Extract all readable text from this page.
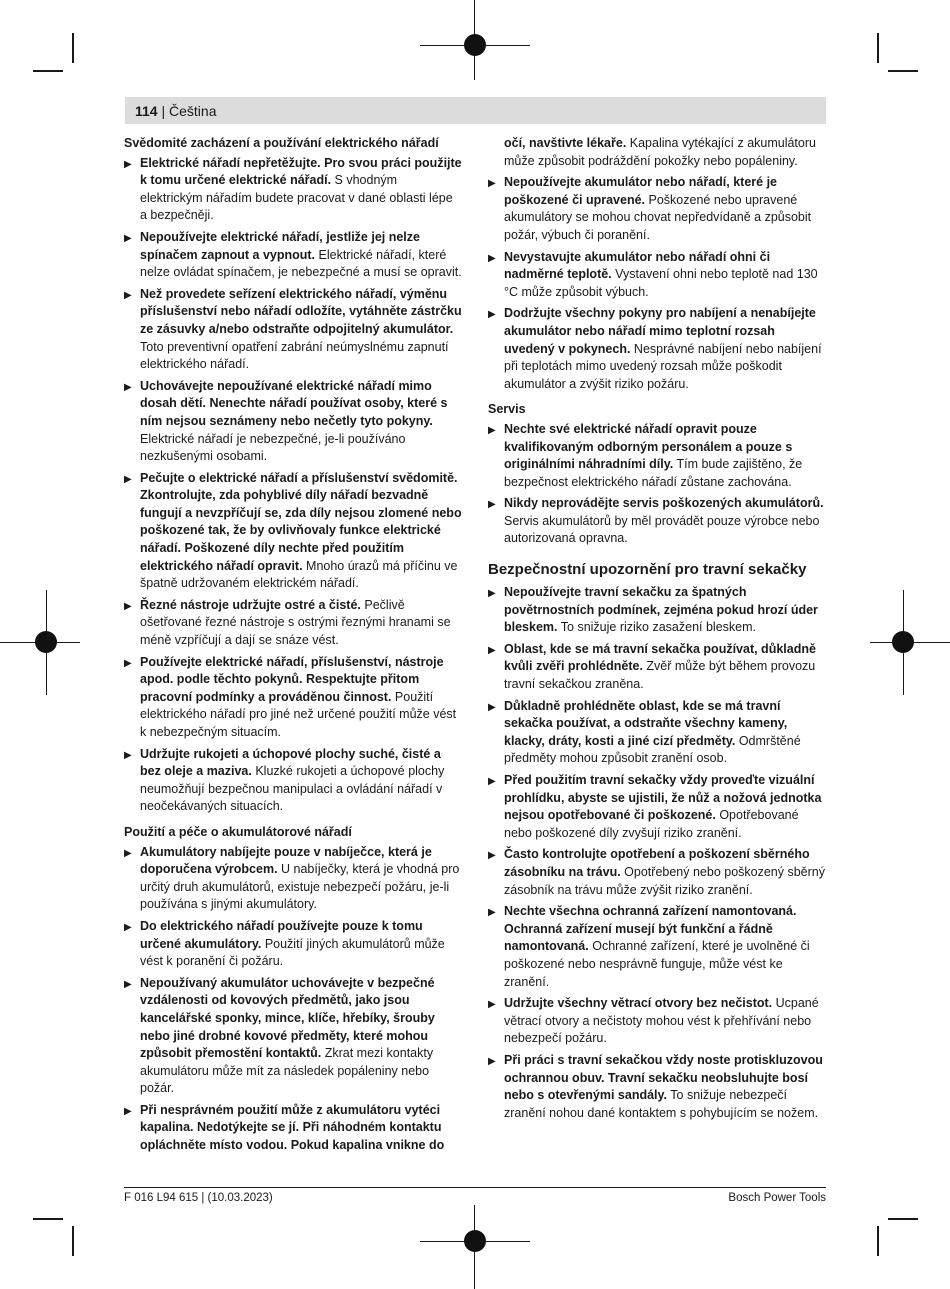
114 | Čeština
Svědomité zacházení a používání elektrického nářadí
▶ Elektrické nářadí nepřetěžujte. Pro svou práci použijte k tomu určené elektrické nářadí. S vhodným elektrickým nářadím budete pracovat v dané oblasti lépe a bezpečněji.
▶ Nepoužívejte elektrické nářadí, jestliže jej nelze spínačem zapnout a vypnout. Elektrické nářadí, které nelze ovládat spínačem, je nebezpečné a musí se opravit.
▶ Než provedete seřízení elektrického nářadí, výměnu příslušenství nebo nářadí odložíte, vytáhněte zástrčku ze zásuvky a/nebo odstraňte odpojitelný akumulátor. Toto preventivní opatření zabrání neúmyslnému zapnutí elektrického nářadí.
▶ Uchovávejte nepoužívané elektrické nářadí mimo dosah dětí. Nenechte nářadí používat osoby, které s ním nejsou seznámeny nebo nečetly tyto pokyny. Elektrické nářadí je nebezpečné, je-li používáno nezkušenými osobami.
▶ Pečujte o elektrické nářadí a příslušenství svědomitě. Zkontrolujte, zda pohyblivé díly nářadí bezvadně fungují a nevzpříčují se, zda díly nejsou zlomené nebo poškozené tak, že by ovlivňovaly funkce elektrické nářadí. Poškozené díly nechte před použitím elektrického nářadí opravit. Mnoho úrazů má příčinu ve špatně udržovaném elektrickém nářadí.
▶ Řezné nástroje udržujte ostré a čisté. Pečlivě ošetřované řezné nástroje s ostrými řeznými hranami se méně vzpříčují a dají se snáze vést.
▶ Používejte elektrické nářadí, příslušenství, nástroje apod. podle těchto pokynů. Respektujte přitom pracovní podmínky a prováděnou činnost. Použití elektrického nářadí pro jiné než určené použití může vést k nebezpečným situacím.
▶ Udržujte rukojeti a úchopové plochy suché, čisté a bez oleje a maziva. Kluzké rukojeti a úchopové plochy neumožňují bezpečnou manipulaci a ovládání nářadí v neočekávaných situacích.
Použití a péče o akumulátorové nářadí
▶ Akumulátory nabíjejte pouze v nabíječce, která je doporučena výrobcem. U nabíječky, která je vhodná pro určitý druh akumulátorů, existuje nebezpečí požáru, je-li používána s jinými akumulátory.
▶ Do elektrického nářadí používejte pouze k tomu určené akumulátory. Použití jiných akumulátorů může vést k poranění či požáru.
▶ Nepoužívaný akumulátor uchovávejte v bezpečné vzdálenosti od kovových předmětů, jako jsou kancelářské sponky, mince, klíče, hřebíky, šrouby nebo jiné drobné kovové předměty, které mohou způsobit přemostění kontaktů. Zkrat mezi kontakty akumulátoru může mít za následek popáleniny nebo požár.
▶ Při nesprávném použití může z akumulátoru vytéci kapalina. Nedotýkejte se jí. Při náhodném kontaktu opláchněte místo vodou. Pokud kapalina vnikne do
očí, navštivte lékaře. Kapalina vytékající z akumulátoru může způsobit podráždění pokožky nebo popáleniny.
▶ Nepoužívejte akumulátor nebo nářadí, které je poškozené či upravené. Poškozené nebo upravené akumulátory se mohou chovat nepředvídaně a způsobit požár, výbuch či poranění.
▶ Nevystavujte akumulátor nebo nářadí ohni či nadměrné teplotě. Vystavení ohni nebo teplotě nad 130 °C může způsobit výbuch.
▶ Dodržujte všechny pokyny pro nabíjení a nenabíjejte akumulátor nebo nářadí mimo teplotní rozsah uvedený v pokynech. Nesprávné nabíjení nebo nabíjení při teplotách mimo uvedený rozsah může poškodit akumulátor a zvýšit riziko požáru.
Servis
▶ Nechte své elektrické nářadí opravit pouze kvalifikovaným odborným personálem a pouze s originálními náhradními díly. Tím bude zajištěno, že bezpečnost elektrického nářadí zůstane zachována.
▶ Nikdy neprovádějte servis poškozených akumulátorů. Servis akumulátorů by měl provádět pouze výrobce nebo autorizovaná opravna.
Bezpečnostní upozornění pro travní sekačky
▶ Nepoužívejte travní sekačku za špatných povětrnostních podmínek, zejména pokud hrozí úder bleskem. To snižuje riziko zasažení bleskem.
▶ Oblast, kde se má travní sekačka používat, důkladně kvůli zvěři prohlédněte. Zvěř může být během provozu travní sekačkou zraněna.
▶ Důkladně prohlédněte oblast, kde se má travní sekačka používat, a odstraňte všechny kameny, klacky, dráty, kosti a jiné cizí předměty. Odmrštěné předměty mohou způsobit zranění osob.
▶ Před použitím travní sekačky vždy proveďte vizuální prohlídku, abyste se ujistili, že nůž a nožová jednotka nejsou opotřebované či poškozené. Opotřebované nebo poškozené díly zvyšují riziko zranění.
▶ Často kontrolujte opotřebení a poškození sběrného zásobníku na trávu. Opotřebený nebo poškozený sběrný zásobník na trávu může zvýšit riziko zranění.
▶ Nechte všechna ochranná zařízení namontovaná. Ochranná zařízení musejí být funkční a řádně namontovaná. Ochranné zařízení, které je uvolněné či poškozené nebo nesprávně funguje, může vést ke zranění.
▶ Udržujte všechny větrací otvory bez nečistot. Ucpané větrací otvory a nečistoty mohou vést k přehřívání nebo nebezpečí požáru.
▶ Při práci s travní sekačkou vždy noste protiskluzovou ochrannou obuv. Travní sekačku neobsluhujte bosí nebo s otevřenými sandály. To snižuje nebezpečí zranění nohou dané kontaktem s pohybujícím se nožem.
F 016 L94 615 | (10.03.2023)	Bosch Power Tools
